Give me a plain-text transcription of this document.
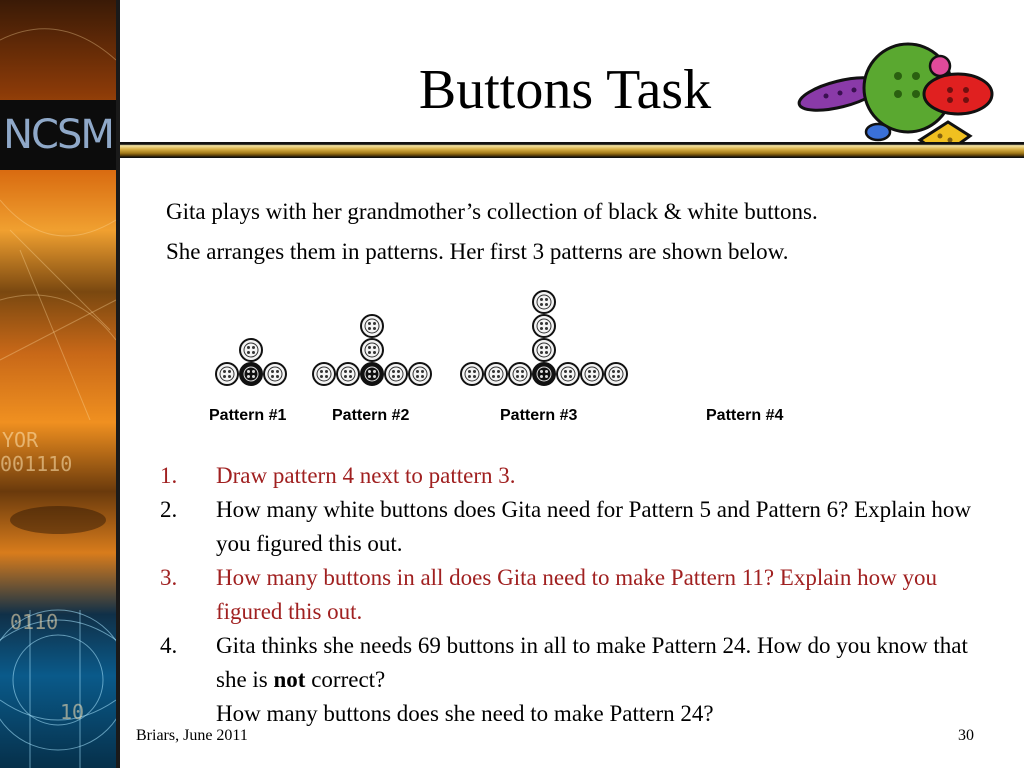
NCSM
YOR
001110
0110
10
Buttons Task
Gita plays with her grandmother’s collection of black & white buttons.
She arranges them in patterns. Her first 3 patterns are shown below.
Pattern #1	Pattern #2	Pattern #3	Pattern #4
1. Draw pattern 4 next to pattern 3.
2. How many white buttons does Gita need for Pattern 5 and Pattern 6? Explain how you figured this out.
3. How many buttons in all does Gita need to make Pattern 11? Explain how you figured this out.
4. Gita thinks she needs 69 buttons in all to make Pattern 24. How do you know that she is not correct?
How many buttons does she need to make Pattern 24?
Briars, June 2011	30
